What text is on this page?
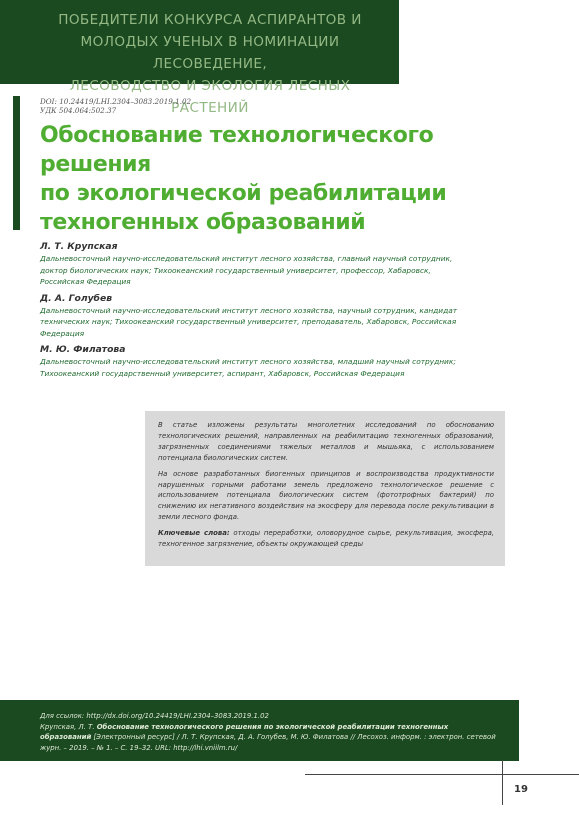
ПОБЕДИТЕЛИ КОНКУРСА АСПИРАНТОВ И
МОЛОДЫХ УЧЕНЫХ В НОМИНАЦИИ ЛЕСОВЕДЕНИЕ,
ЛЕСОВОДСТВО И ЭКОЛОГИЯ ЛЕСНЫХ РАСТЕНИЙ
DOI: 10.24419/LHI.2304–3083.2019.1.02
УДК 504.064:502.37
Обоснование технологического решения
по экологической реабилитации
техногенных образований

Л. Т. Крупская

Дальневосточный научно-исследовательский институт лесного хозяйства, главный научный сотрудник, доктор биологических наук; Тихоокеанский государственный университет, профессор, Хабаровск, Российская Федерация

Д. А. Голубев

Дальневосточный научно-исследовательский институт лесного хозяйства, научный сотрудник, кандидат технических наук; Тихоокеанский государственный университет, преподаватель, Хабаровск, Российская Федерация

М. Ю. Филатова

Дальневосточный научно-исследовательский институт лесного хозяйства, младший научный сотрудник; Тихоокеанский государственный университет, аспирант, Хабаровск, Российская Федерация

В статье изложены результаты многолетних исследований по обоснованию технологических решений, направленных на реабилитацию техногенных образований, загрязненных соединениями тяжелых металлов и мышьяка, с использованием потенциала биологических систем.

На основе разработанных биогенных принципов и воспроизводства продуктивности нарушенных горными работами земель предложено технологическое решение с использованием потенциала биологических систем (фототрофных бактерий) по снижению их негативного воздействия на экосферу для перевода после рекультивации в земли лесного фонда.

Ключевые слова: отходы переработки, оловорудное сырье, рекультивация, экосфера, техногенное загрязнение, объекты окружающей среды

Для ссылок: http://dx.doi.org/10.24419/LHI.2304–3083.2019.1.02

Крупская, Л. Т. Обоснование технологического решения по экологической реабилитации техногенных образований [Электронный ресурс] / Л. Т. Крупская, Д. А. Голубев, М. Ю. Филатова // Лесохоз. информ. : электрон. сетевой журн. – 2019. – № 1. – С. 19–32. URL: http://lhi.vniilm.ru/

19
